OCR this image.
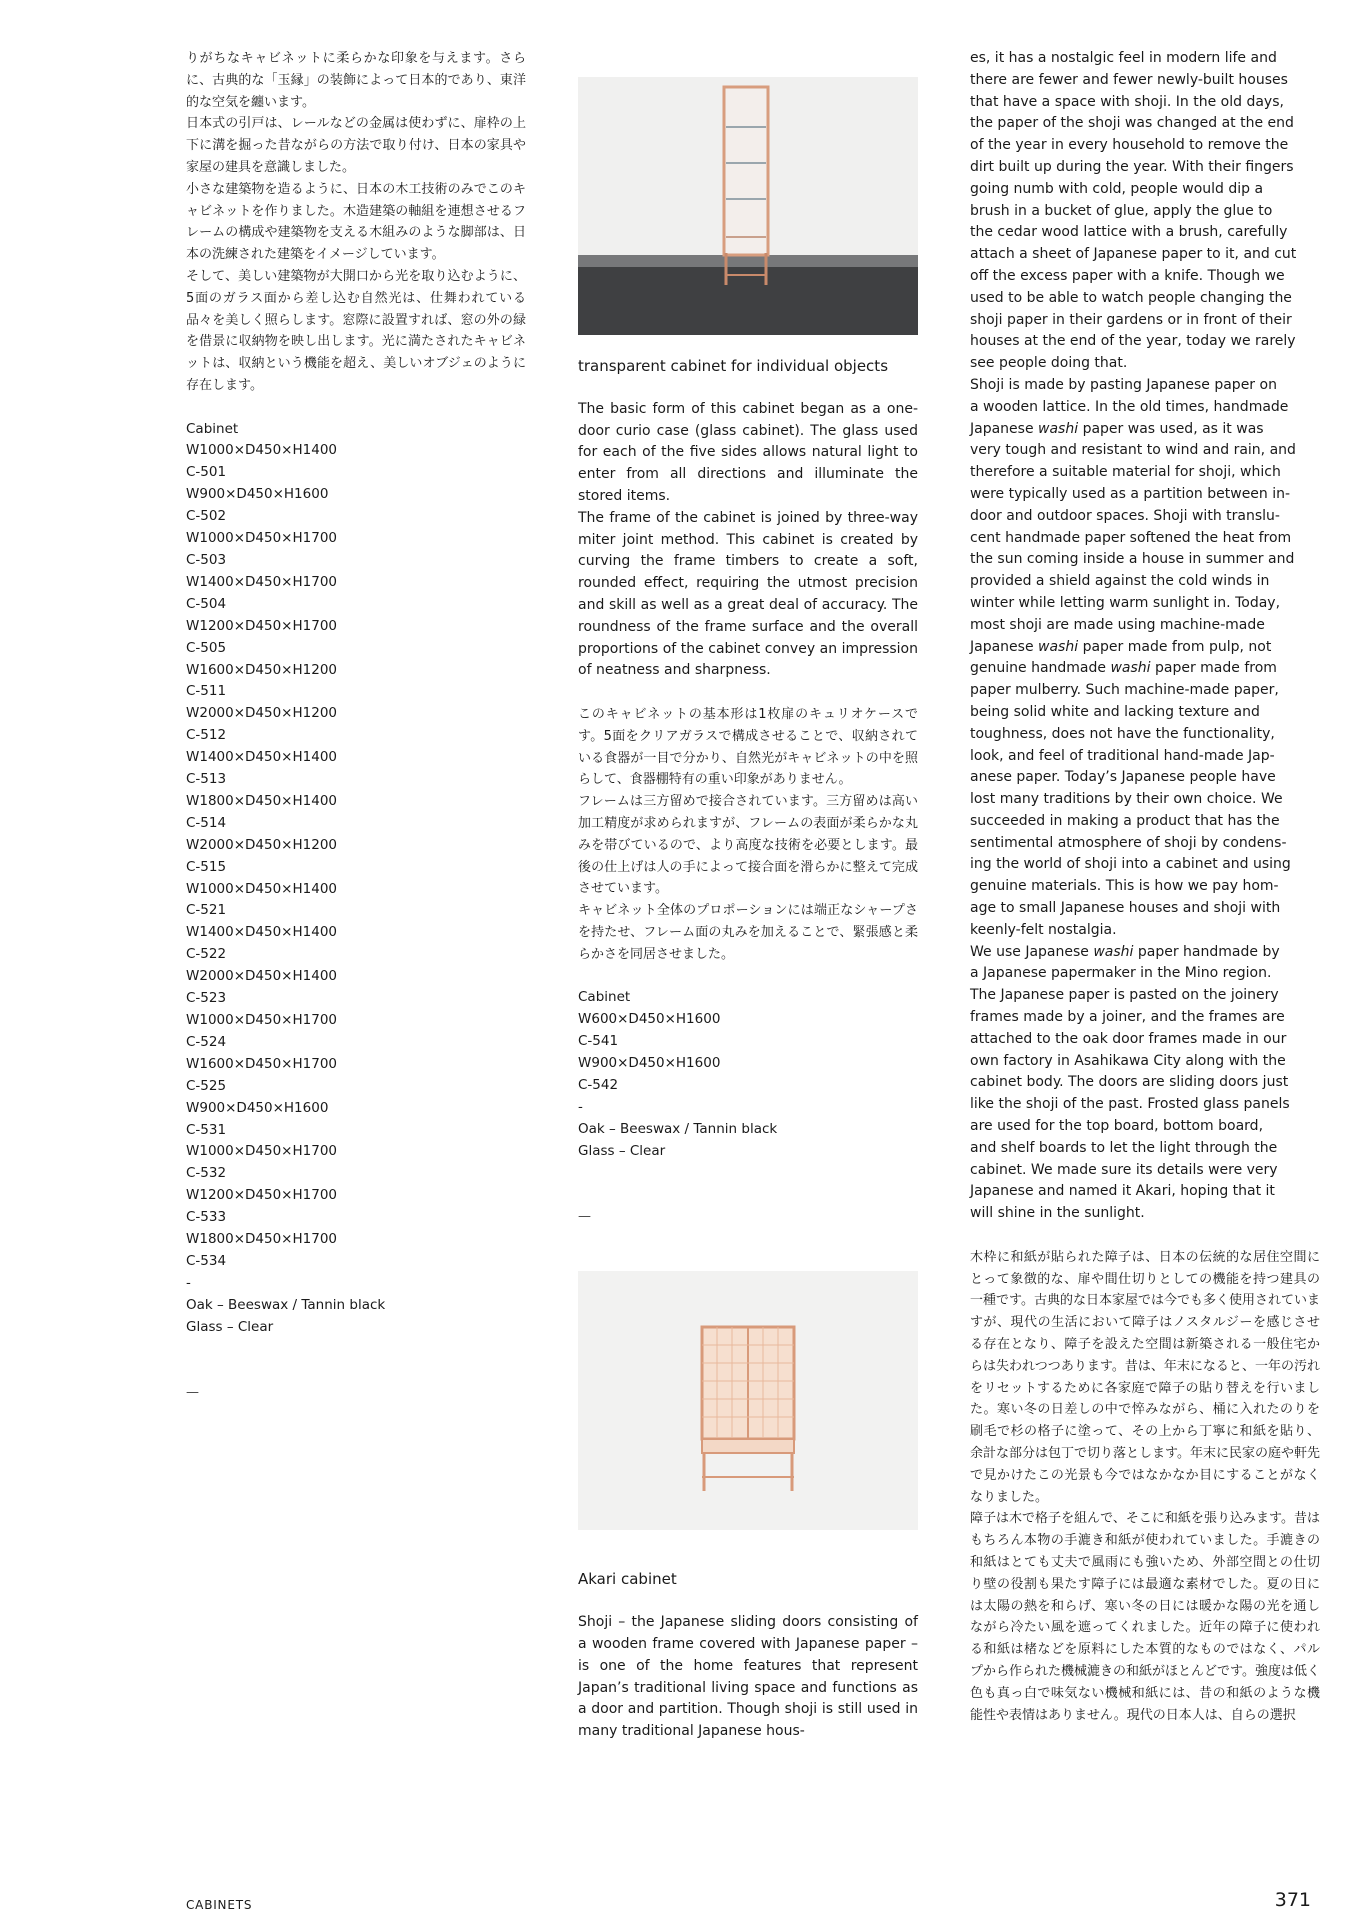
りがちなキャビネットに柔らかな印象を与えます。さらに、古典的な「玉縁」の装飾によって日本的であり、東洋的な空気を纏います。

日本式の引戸は、レールなどの金属は使わずに、扉枠の上下に溝を掘った昔ながらの方法で取り付け、日本の家具や家屋の建具を意識しました。

小さな建築物を造るように、日本の木工技術のみでこのキャビネットを作りました。木造建築の軸組を連想させるフレームの構成や建築物を支える木組みのような脚部は、日本の洗練された建築をイメージしています。

そして、美しい建築物が大開口から光を取り込むように、5面のガラス面から差し込む自然光は、仕舞われている品々を美しく照らします。窓際に設置すれば、窓の外の緑を借景に収納物を映し出します。光に満たされたキャビネットは、収納という機能を超え、美しいオブジェのように存在します。

Cabinet
W1000×D450×H1400
C-501
W900×D450×H1600
C-502
W1000×D450×H1700
C-503
W1400×D450×H1700
C-504
W1200×D450×H1700
C-505
W1600×D450×H1200
C-511
W2000×D450×H1200
C-512
W1400×D450×H1400
C-513
W1800×D450×H1400
C-514
W2000×D450×H1200
C-515
W1000×D450×H1400
C-521
W1400×D450×H1400
C-522
W2000×D450×H1400
C-523
W1000×D450×H1700
C-524
W1600×D450×H1700
C-525
W900×D450×H1600
C-531
W1000×D450×H1700
C-532
W1200×D450×H1700
C-533
W1800×D450×H1700
C-534
-
Oak – Beeswax / Tannin black
Glass – Clear
—

transparent cabinet for individual objects

The basic form of this cabinet began as a one-door curio case (glass cabinet). The glass used for each of the five sides allows natural light to enter from all directions and illuminate the stored items.

The frame of the cabinet is joined by three-way miter joint method. This cabinet is created by curving the frame timbers to create a soft, rounded effect, requiring the utmost precision and skill as well as a great deal of accuracy. The roundness of the frame surface and the overall proportions of the cabinet convey an impression of neatness and sharpness.

このキャビネットの基本形は1枚扉のキュリオケースです。5面をクリアガラスで構成させることで、収納されている食器が一目で分かり、自然光がキャビネットの中を照らして、食器棚特有の重い印象がありません。

フレームは三方留めで接合されています。三方留めは高い加工精度が求められますが、フレームの表面が柔らかな丸みを帯びているので、より高度な技術を必要とします。最後の仕上げは人の手によって接合面を滑らかに整えて完成させています。

キャビネット全体のプロポーションには端正なシャープさを持たせ、フレーム面の丸みを加えることで、緊張感と柔らかさを同居させました。

Cabinet
W600×D450×H1600
C-541
W900×D450×H1600
C-542
-
Oak – Beeswax / Tannin black
Glass – Clear
—

Akari cabinet

Shoji – the Japanese sliding doors consisting of a wooden frame covered with Japanese paper – is one of the home features that represent Japan’s traditional living space and functions as a door and partition. Though shoji is still used in many traditional Japanese hous-

es, it has a nostalgic feel in modern life and
there are fewer and fewer newly-built houses
that have a space with shoji. In the old days,
the paper of the shoji was changed at the end
of the year in every household to remove the
dirt built up during the year. With their fingers
going numb with cold, people would dip a
brush in a bucket of glue, apply the glue to
the cedar wood lattice with a brush, carefully
attach a sheet of Japanese paper to it, and cut
off the excess paper with a knife. Though we
used to be able to watch people changing the
shoji paper in their gardens or in front of their
houses at the end of the year, today we rarely
see people doing that.
Shoji is made by pasting Japanese paper on
a wooden lattice. In the old times, handmade
Japanese washi paper was used, as it was
very tough and resistant to wind and rain, and
therefore a suitable material for shoji, which
were typically used as a partition between in-
door and outdoor spaces. Shoji with translu-
cent handmade paper softened the heat from
the sun coming inside a house in summer and
provided a shield against the cold winds in
winter while letting warm sunlight in. Today,
most shoji are made using machine-made
Japanese washi paper made from pulp, not
genuine handmade washi paper made from
paper mulberry. Such machine-made paper,
being solid white and lacking texture and
toughness, does not have the functionality,
look, and feel of traditional hand-made Jap-
anese paper. Today’s Japanese people have
lost many traditions by their own choice. We
succeeded in making a product that has the
sentimental atmosphere of shoji by condens-
ing the world of shoji into a cabinet and using
genuine materials. This is how we pay hom-
age to small Japanese houses and shoji with
keenly-felt nostalgia.
We use Japanese washi paper handmade by
a Japanese papermaker in the Mino region.
The Japanese paper is pasted on the joinery
frames made by a joiner, and the frames are
attached to the oak door frames made in our
own factory in Asahikawa City along with the
cabinet body. The doors are sliding doors just
like the shoji of the past. Frosted glass panels
are used for the top board, bottom board,
and shelf boards to let the light through the
cabinet. We made sure its details were very
Japanese and named it Akari, hoping that it
will shine in the sunlight.

木枠に和紙が貼られた障子は、日本の伝統的な居住空間にとって象徴的な、扉や間仕切りとしての機能を持つ建具の一種です。古典的な日本家屋では今でも多く使用されていますが、現代の生活において障子はノスタルジーを感じさせる存在となり、障子を設えた空間は新築される一般住宅からは失われつつあります。昔は、年末になると、一年の汚れをリセットするために各家庭で障子の貼り替えを行いました。寒い冬の日差しの中で悴みながら、桶に入れたのりを刷毛で杉の格子に塗って、その上から丁寧に和紙を貼り、余計な部分は包丁で切り落とします。年末に民家の庭や軒先で見かけたこの光景も今ではなかなか目にすることがなくなりました。

障子は木で格子を組んで、そこに和紙を張り込みます。昔はもちろん本物の手漉き和紙が使われていました。手漉きの和紙はとても丈夫で風雨にも強いため、外部空間との仕切り壁の役割も果たす障子には最適な素材でした。夏の日には太陽の熱を和らげ、寒い冬の日には暖かな陽の光を通しながら冷たい風を遮ってくれました。近年の障子に使われる和紙は楮などを原料にした本質的なものではなく、パルプから作られた機械漉きの和紙がほとんどです。強度は低く色も真っ白で味気ない機械和紙には、昔の和紙のような機能性や表情はありません。現代の日本人は、自らの選択

CABINETS	371
